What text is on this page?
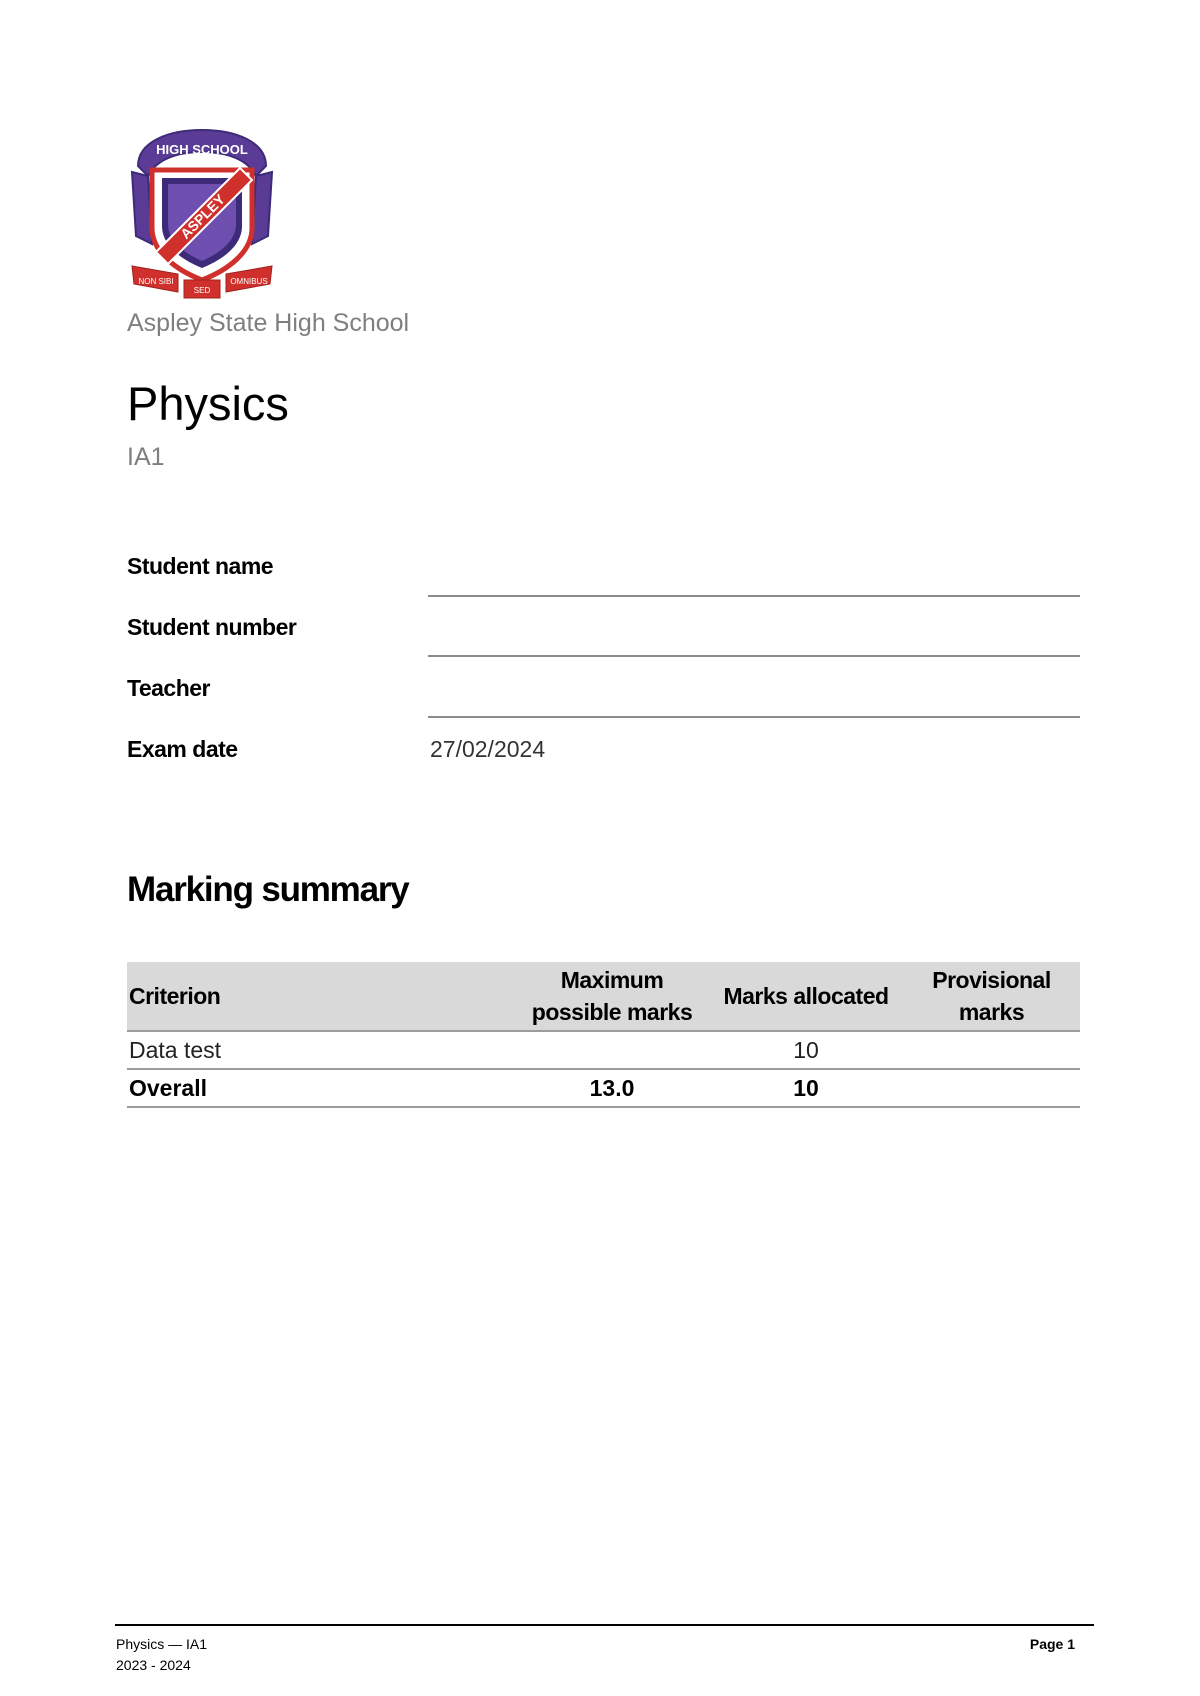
HIGH SCHOOL
ASPLEY
NON SIBI
SED
OMNIBUS
Aspley State High School
Physics
IA1
Student name
Student number
Teacher
Exam date	27/02/2024
Marking summary
Criterion	Maximum possible marks	Marks allocated	Provisional marks
Data test		10	
Overall	13.0	10	
Physics — IA1
2023 - 2024
Page 1
